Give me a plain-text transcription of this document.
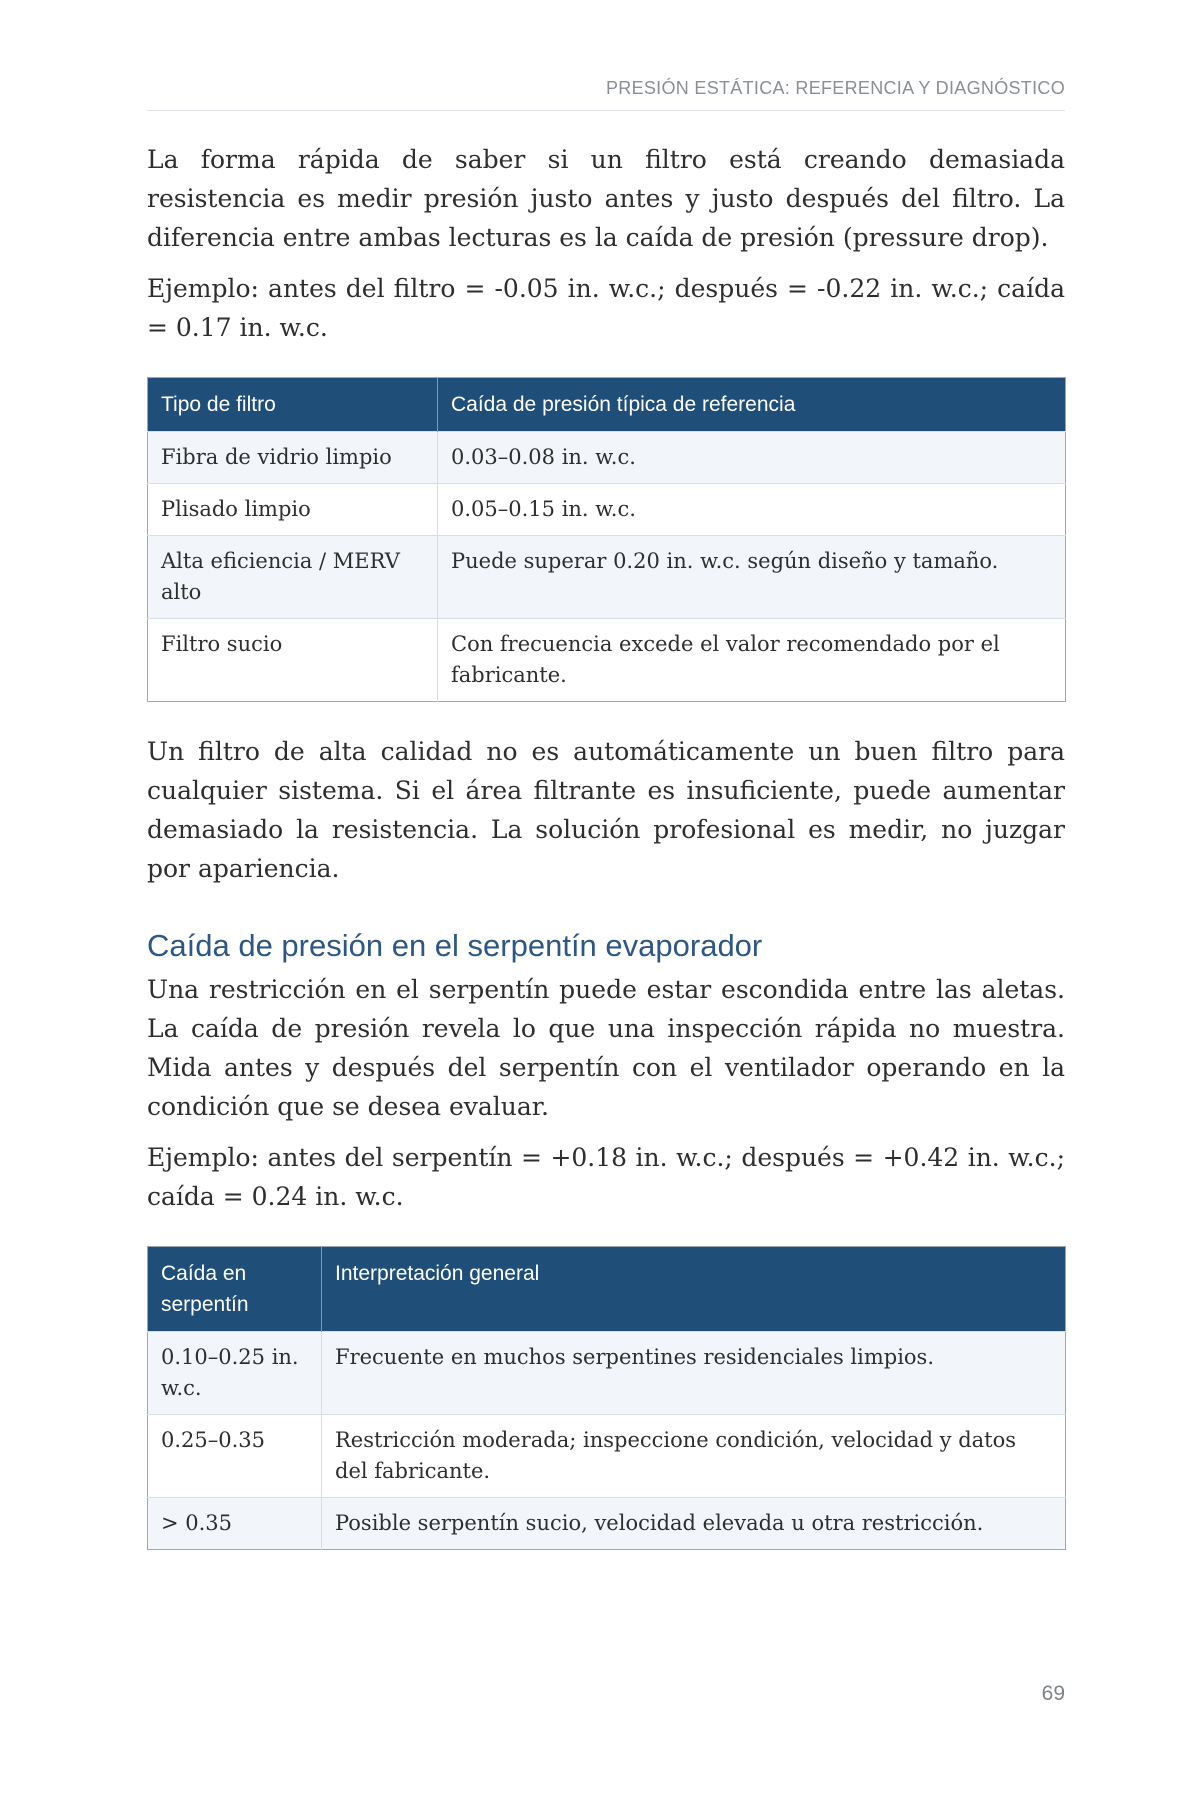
PRESIÓN ESTÁTICA: REFERENCIA Y DIAGNÓSTICO

La forma rápida de saber si un filtro está creando demasiada resistencia es medir presión justo antes y justo después del filtro. La diferencia entre ambas lecturas es la caída de presión (pressure drop).

Ejemplo: antes del filtro = -0.05 in. w.c.; después = -0.22 in. w.c.; caída = 0.17 in. w.c.

Tipo de filtro	Caída de presión típica de referencia
Fibra de vidrio limpio	0.03–0.08 in. w.c.
Plisado limpio	0.05–0.15 in. w.c.
Alta eficiencia / MERV alto	Puede superar 0.20 in. w.c. según diseño y tamaño.
Filtro sucio	Con frecuencia excede el valor recomendado por el fabricante.

Un filtro de alta calidad no es automáticamente un buen filtro para cualquier sistema. Si el área filtrante es insuficiente, puede aumentar demasiado la resistencia. La solución profesional es medir, no juzgar por apariencia.

Caída de presión en el serpentín evaporador

Una restricción en el serpentín puede estar escondida entre las aletas. La caída de presión revela lo que una inspección rápida no muestra. Mida antes y después del serpentín con el ventilador operando en la condición que se desea evaluar.

Ejemplo: antes del serpentín = +0.18 in. w.c.; después = +0.42 in. w.c.; caída = 0.24 in. w.c.

Caída en serpentín	Interpretación general
0.10–0.25 in. w.c.	Frecuente en muchos serpentines residenciales limpios.
0.25–0.35	Restricción moderada; inspeccione condición, velocidad y datos del fabricante.
> 0.35	Posible serpentín sucio, velocidad elevada u otra restricción.
69
